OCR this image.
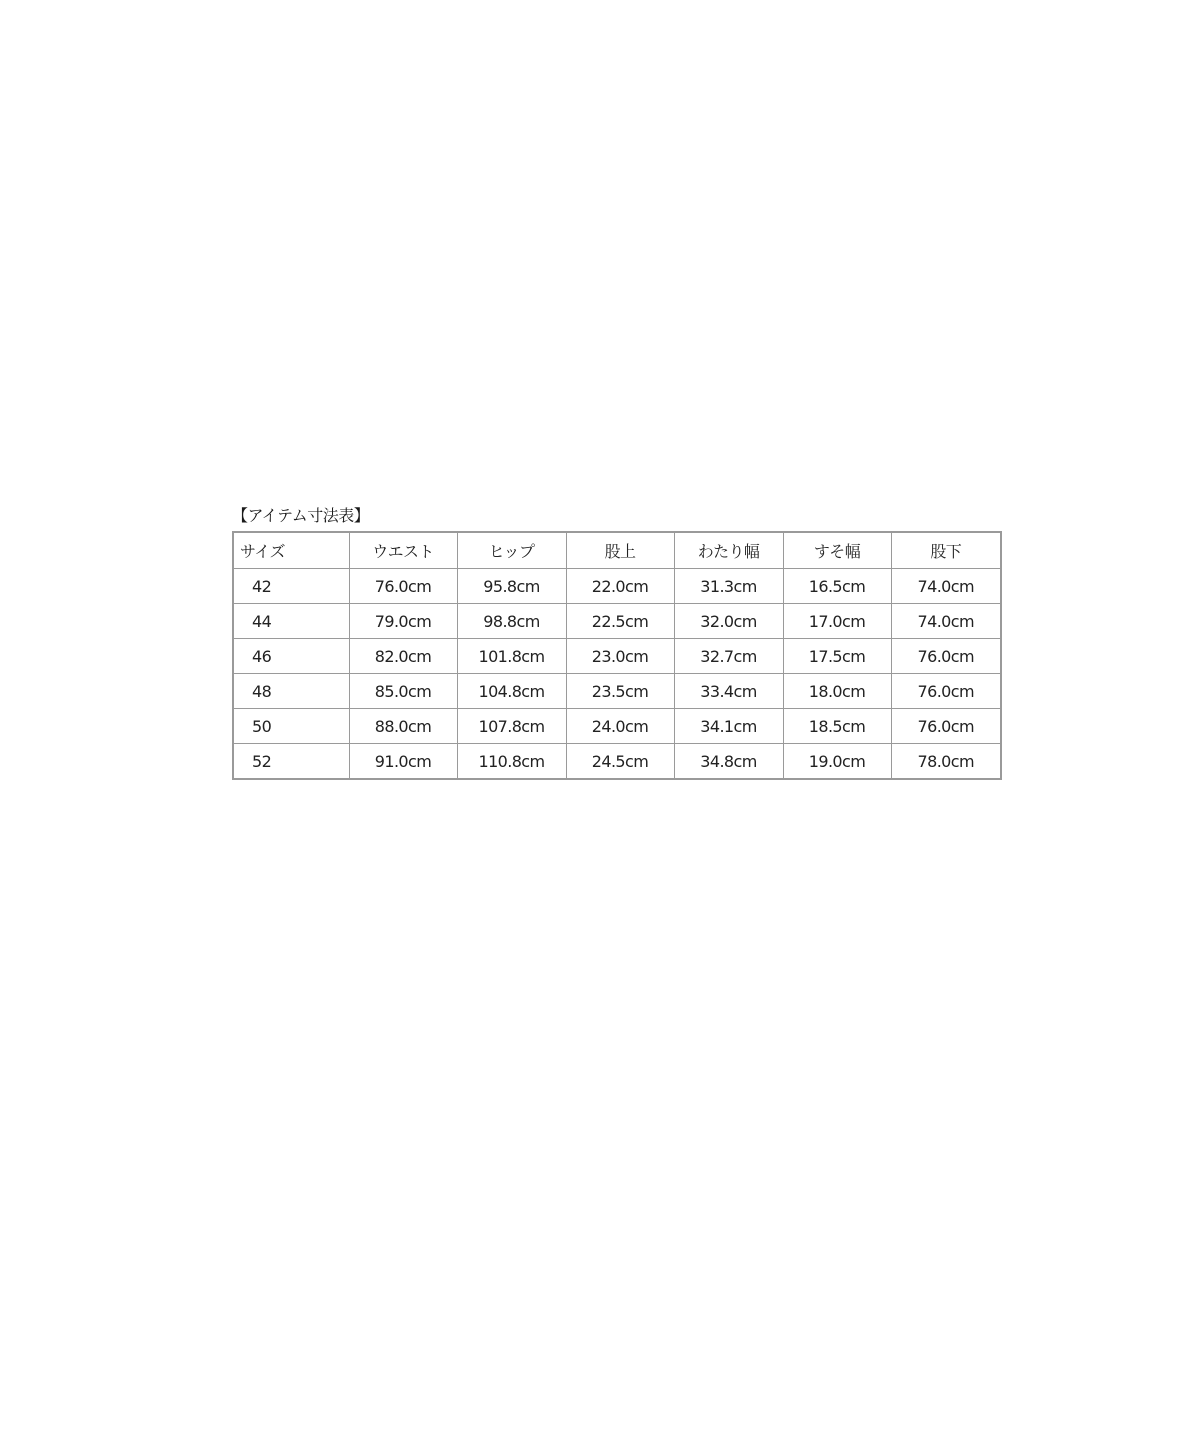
【アイテム寸法表】
サイズ	ウエスト	ヒップ	股上	わたり幅	すそ幅	股下
42	76.0cm	95.8cm	22.0cm	31.3cm	16.5cm	74.0cm
44	79.0cm	98.8cm	22.5cm	32.0cm	17.0cm	74.0cm
46	82.0cm	101.8cm	23.0cm	32.7cm	17.5cm	76.0cm
48	85.0cm	104.8cm	23.5cm	33.4cm	18.0cm	76.0cm
50	88.0cm	107.8cm	24.0cm	34.1cm	18.5cm	76.0cm
52	91.0cm	110.8cm	24.5cm	34.8cm	19.0cm	78.0cm
